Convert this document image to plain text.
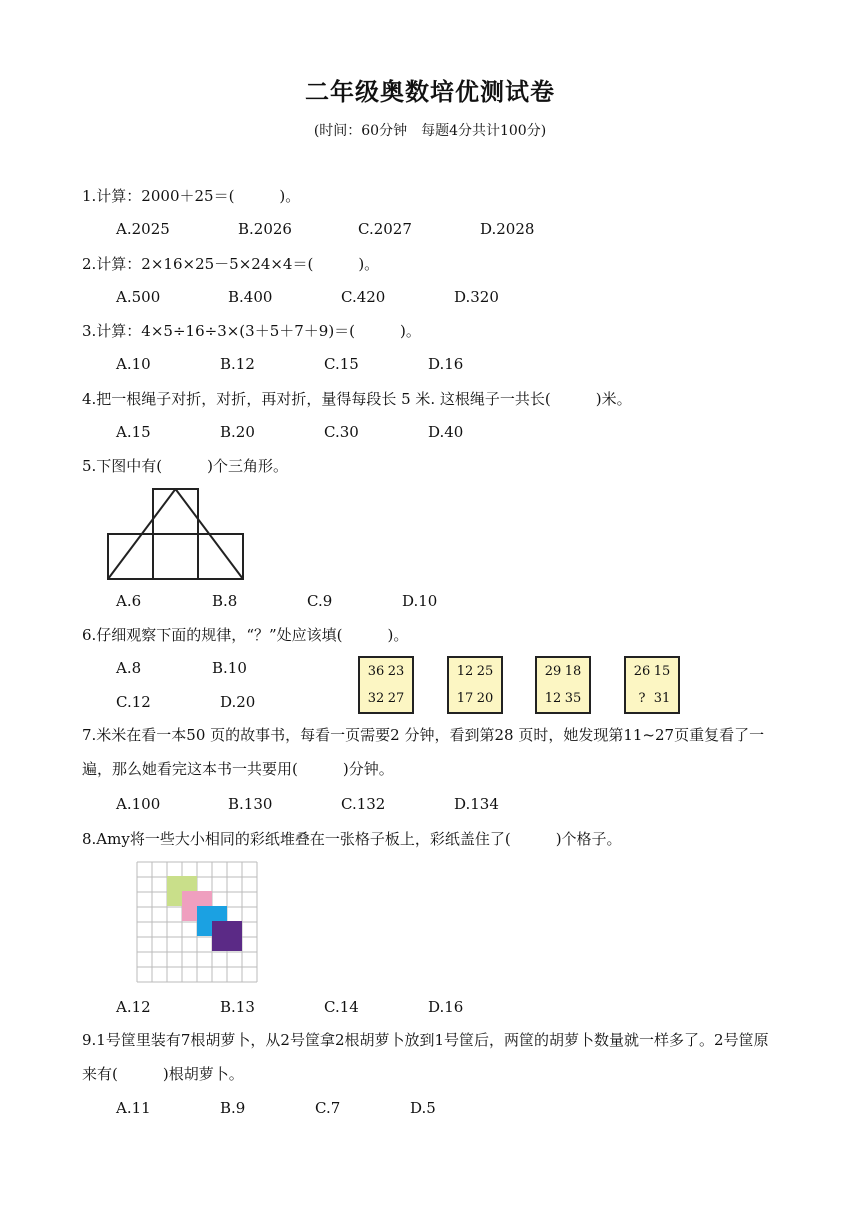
二年级奥数培优测试卷
(时间：60分钟　每题4分共计100分)
1.计算：2000＋25＝(　　　)。
A.2025	B.2026	C.2027	D.2028
2.计算：2×16×25－5×24×4＝(　　　)。
A.500	B.400	C.420	D.320
3.计算：4×5÷16÷3×(3＋5＋7＋9)＝(　　　)。
A.10	B.12	C.15	D.16
4.把一根绳子对折，对折，再对折，量得每段长 5 米. 这根绳子一共长(　　　)米。
A.15	B.20	C.30	D.40
5.下图中有(　　　)个三角形。
A.6	B.8	C.9	D.10
6.仔细观察下面的规律，“？”处应该填(　　　)。
A.8	B.10
C.12	D.20
36 23
32 27
12 25
17 20
29 18
12 35
26 15
? 31
7.米米在看一本50 页的故事书，每看一页需要2 分钟，看到第28 页时，她发现第11~27页重复看了一遍，那么她看完这本书一共要用(　　　)分钟。
A.100	B.130	C.132	D.134
8.Amy将一些大小相同的彩纸堆叠在一张格子板上，彩纸盖住了(　　　)个格子。
A.12	B.13	C.14	D.16
9.1号筐里装有7根胡萝卜，从2号筐拿2根胡萝卜放到1号筐后，两筐的胡萝卜数量就一样多了。2号筐原来有(　　　)根胡萝卜。
A.11	B.9	C.7	D.5
